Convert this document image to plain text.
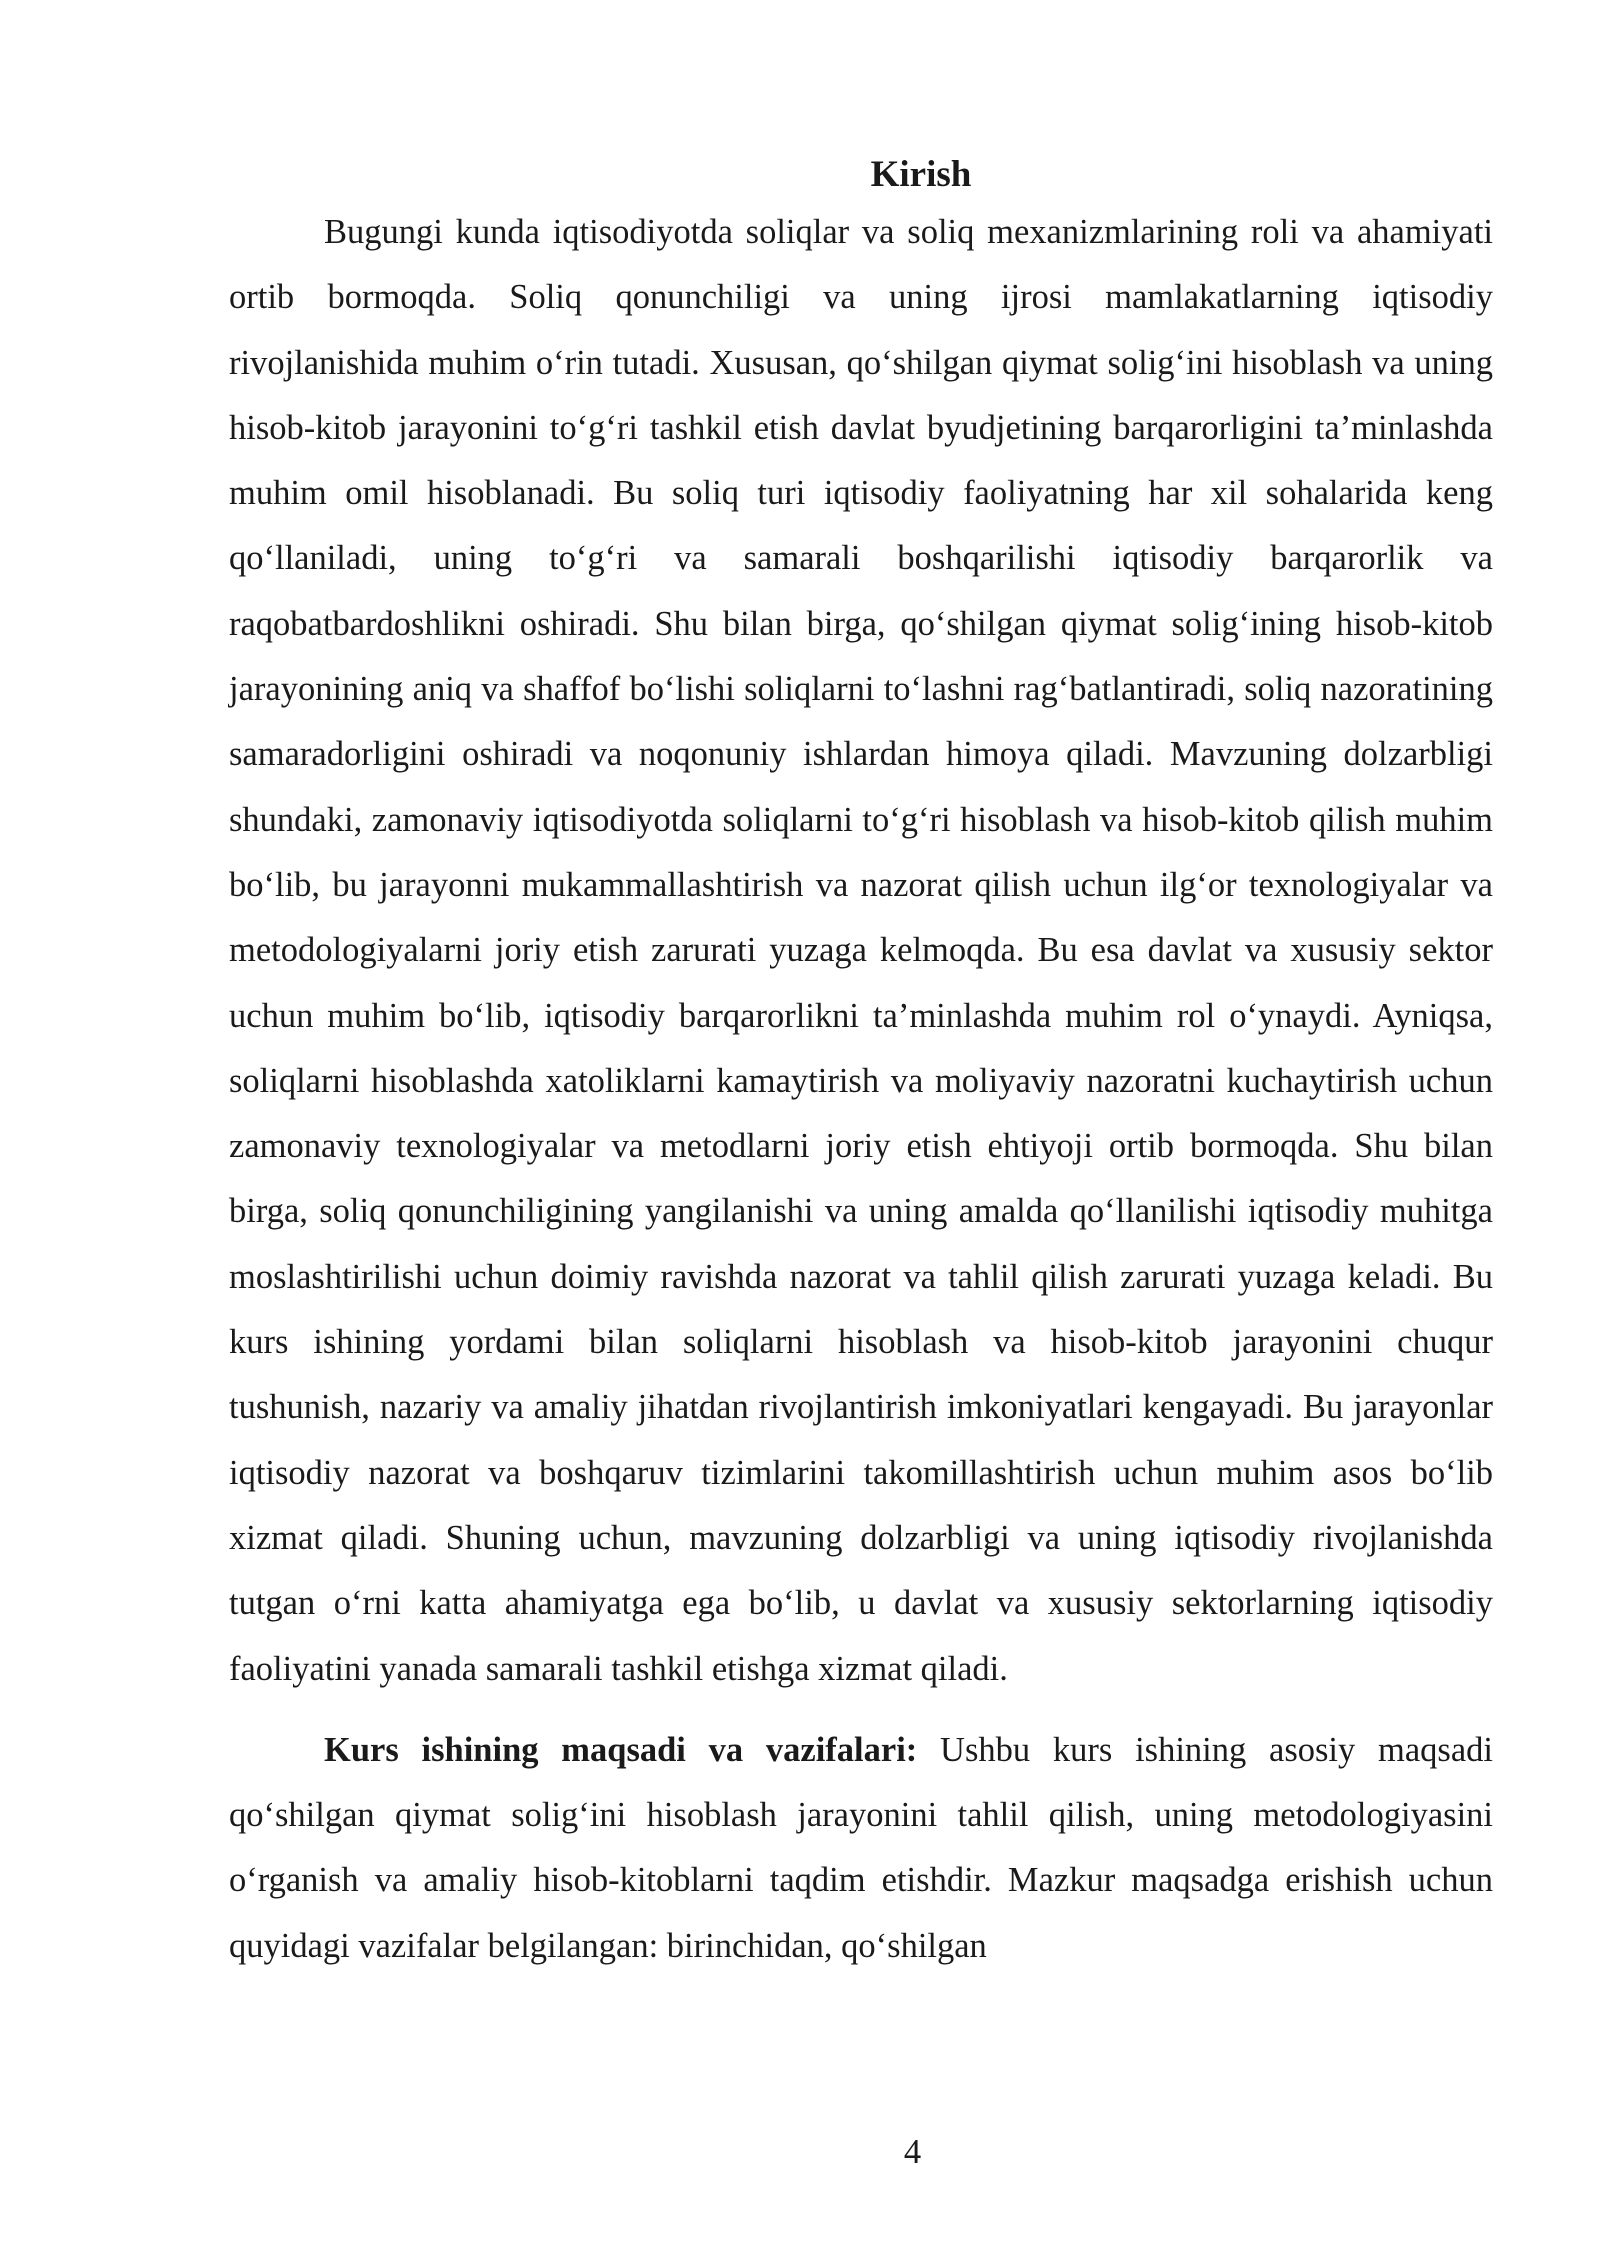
Kirish

Bugungi kunda iqtisodiyotda soliqlar va soliq mexanizmlarining roli va ahamiyati ortib bormoqda. Soliq qonunchiligi va uning ijrosi mamlakatlarning iqtisodiy rivojlanishida muhim o‘rin tutadi. Xususan, qo‘shilgan qiymat solig‘ini hisoblash va uning hisob-kitob jarayonini to‘g‘ri tashkil etish davlat byudjetining barqarorligini ta’minlashda muhim omil hisoblanadi. Bu soliq turi iqtisodiy faoliyatning har xil sohalarida keng qo‘llaniladi, uning to‘g‘ri va samarali boshqarilishi iqtisodiy barqarorlik va raqobatbardoshlikni oshiradi. Shu bilan birga, qo‘shilgan qiymat solig‘ining hisob-kitob jarayonining aniq va shaffof bo‘lishi soliqlarni to‘lashni rag‘batlantiradi, soliq nazoratining samaradorligini oshiradi va noqonuniy ishlardan himoya qiladi. Mavzuning dolzarbligi shundaki, zamonaviy iqtisodiyotda soliqlarni to‘g‘ri hisoblash va hisob-kitob qilish muhim bo‘lib, bu jarayonni mukammallashtirish va nazorat qilish uchun ilg‘or texnologiyalar va metodologiyalarni joriy etish zarurati yuzaga kelmoqda. Bu esa davlat va xususiy sektor uchun muhim bo‘lib, iqtisodiy barqarorlikni ta’minlashda muhim rol o‘ynaydi. Ayniqsa, soliqlarni hisoblashda xatoliklarni kamaytirish va moliyaviy nazoratni kuchaytirish uchun zamonaviy texnologiyalar va metodlarni joriy etish ehtiyoji ortib bormoqda. Shu bilan birga, soliq qonunchiligining yangilanishi va uning amalda qo‘llanilishi iqtisodiy muhitga moslashtirilishi uchun doimiy ravishda nazorat va tahlil qilish zarurati yuzaga keladi. Bu kurs ishining yordami bilan soliqlarni hisoblash va hisob-kitob jarayonini chuqur tushunish, nazariy va amaliy jihatdan rivojlantirish imkoniyatlari kengayadi. Bu jarayonlar iqtisodiy nazorat va boshqaruv tizimlarini takomillashtirish uchun muhim asos bo‘lib xizmat qiladi. Shuning uchun, mavzuning dolzarbligi va uning iqtisodiy rivojlanishda tutgan o‘rni katta ahamiyatga ega bo‘lib, u davlat va xususiy sektorlarning iqtisodiy faoliyatini yanada samarali tashkil etishga xizmat qiladi.

Kurs ishining maqsadi va vazifalari: Ushbu kurs ishining asosiy maqsadi qo‘shilgan qiymat solig‘ini hisoblash jarayonini tahlil qilish, uning metodologiyasini o‘rganish va amaliy hisob-kitoblarni taqdim etishdir. Mazkur maqsadga erishish uchun quyidagi vazifalar belgilangan: birinchidan, qo‘shilgan

4
